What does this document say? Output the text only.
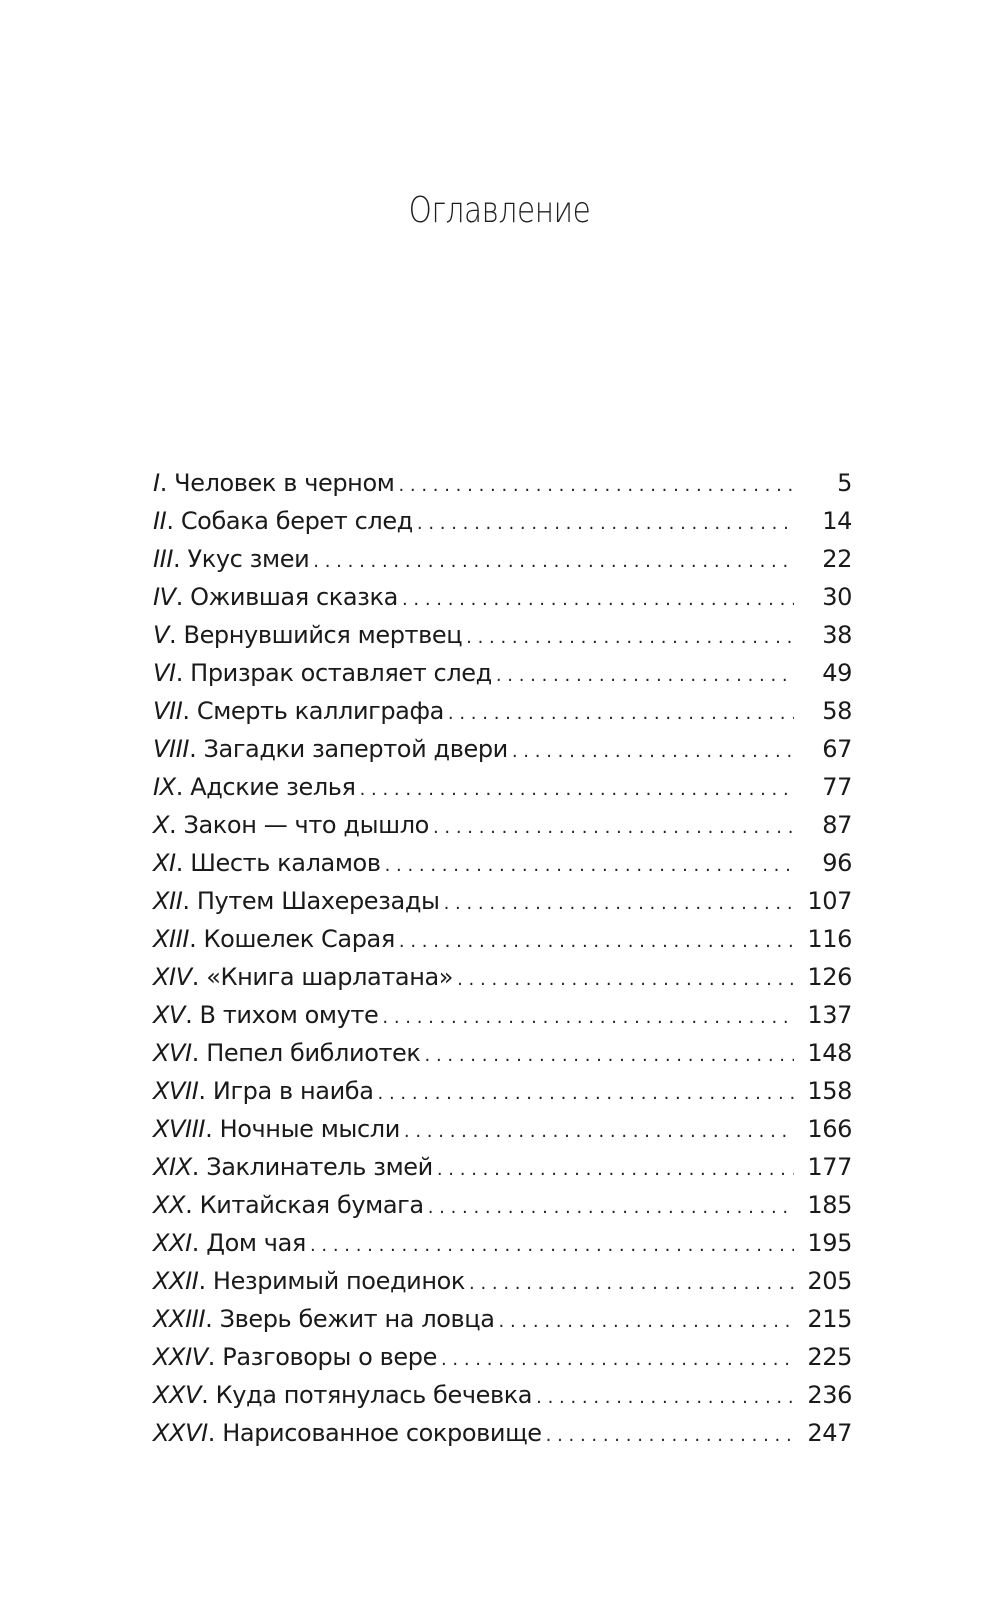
Оглавление
I. Человек в черном . . .	5
II. Собака берет след . . .	14
III. Укус змеи . . .	22
IV. Ожившая сказка . . .	30
V. Вернувшийся мертвец . . .	38
VI. Призрак оставляет след . . .	49
VII. Смерть каллиграфа . . .	58
VIII. Загадки запертой двери . . .	67
IX. Адские зелья . . .	77
X. Закон — что дышло . . .	87
XI. Шесть каламов . . .	96
XII. Путем Шахерезады . . .	107
XIII. Кошелек Сарая . . .	116
XIV. «Книга шарлатана» . . .	126
XV. В тихом омуте . . .	137
XVI. Пепел библиотек . . .	148
XVII. Игра в наиба . . .	158
XVIII. Ночные мысли . . .	166
XIX. Заклинатель змей . . .	177
XX. Китайская бумага . . .	185
XXI. Дом чая . . .	195
XXII. Незримый поединок . . .	205
XXIII. Зверь бежит на ловца . . .	215
XXIV. Разговоры о вере . . .	225
XXV. Куда потянулась бечевка . . .	236
XXVI. Нарисованное сокровище . . .	247
